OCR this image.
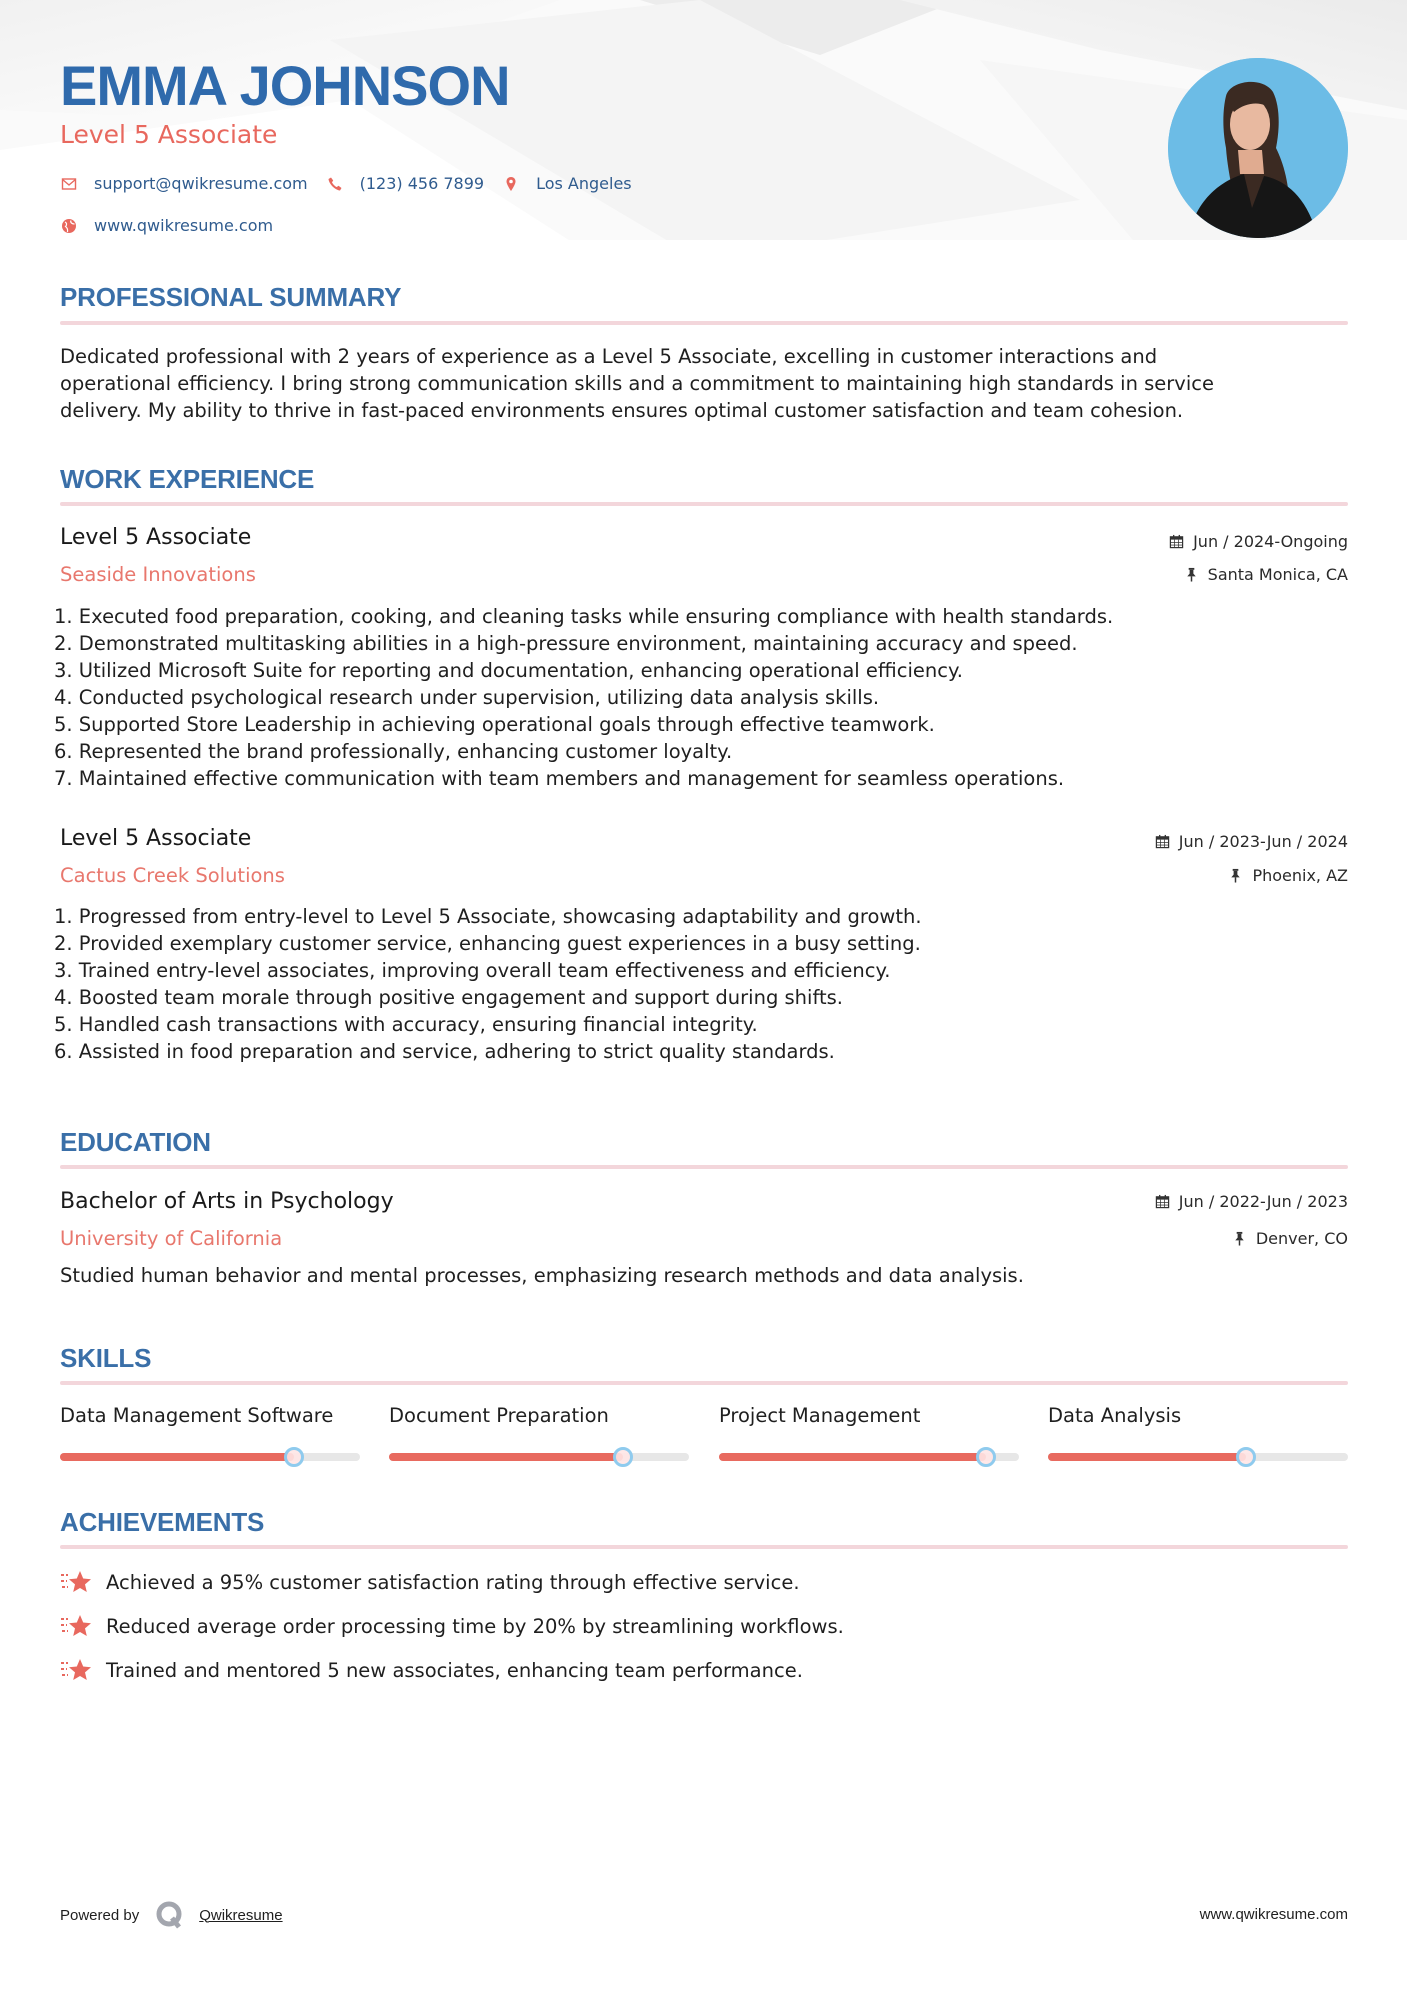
EMMA JOHNSON
Level 5 Associate
support@qwikresume.com	(123) 456 7899	Los Angeles
www.qwikresume.com
PROFESSIONAL SUMMARY
Dedicated professional with 2 years of experience as a Level 5 Associate, excelling in customer interactions and
operational efficiency. I bring strong communication skills and a commitment to maintaining high standards in service
delivery. My ability to thrive in fast-paced environments ensures optimal customer satisfaction and team cohesion.
WORK EXPERIENCE
Level 5 Associate	Jun / 2024-Ongoing
Seaside Innovations	Santa Monica, CA
1. Executed food preparation, cooking, and cleaning tasks while ensuring compliance with health standards.
2. Demonstrated multitasking abilities in a high-pressure environment, maintaining accuracy and speed.
3. Utilized Microsoft Suite for reporting and documentation, enhancing operational efficiency.
4. Conducted psychological research under supervision, utilizing data analysis skills.
5. Supported Store Leadership in achieving operational goals through effective teamwork.
6. Represented the brand professionally, enhancing customer loyalty.
7. Maintained effective communication with team members and management for seamless operations.
Level 5 Associate	Jun / 2023-Jun / 2024
Cactus Creek Solutions	Phoenix, AZ
1. Progressed from entry-level to Level 5 Associate, showcasing adaptability and growth.
2. Provided exemplary customer service, enhancing guest experiences in a busy setting.
3. Trained entry-level associates, improving overall team effectiveness and efficiency.
4. Boosted team morale through positive engagement and support during shifts.
5. Handled cash transactions with accuracy, ensuring financial integrity.
6. Assisted in food preparation and service, adhering to strict quality standards.
EDUCATION
Bachelor of Arts in Psychology	Jun / 2022-Jun / 2023
University of California	Denver, CO
Studied human behavior and mental processes, emphasizing research methods and data analysis.
SKILLS
Data Management Software	Document Preparation	Project Management	Data Analysis
ACHIEVEMENTS
Achieved a 95% customer satisfaction rating through effective service.
Reduced average order processing time by 20% by streamlining workflows.
Trained and mentored 5 new associates, enhancing team performance.
Powered by	Qwikresume	www.qwikresume.com
